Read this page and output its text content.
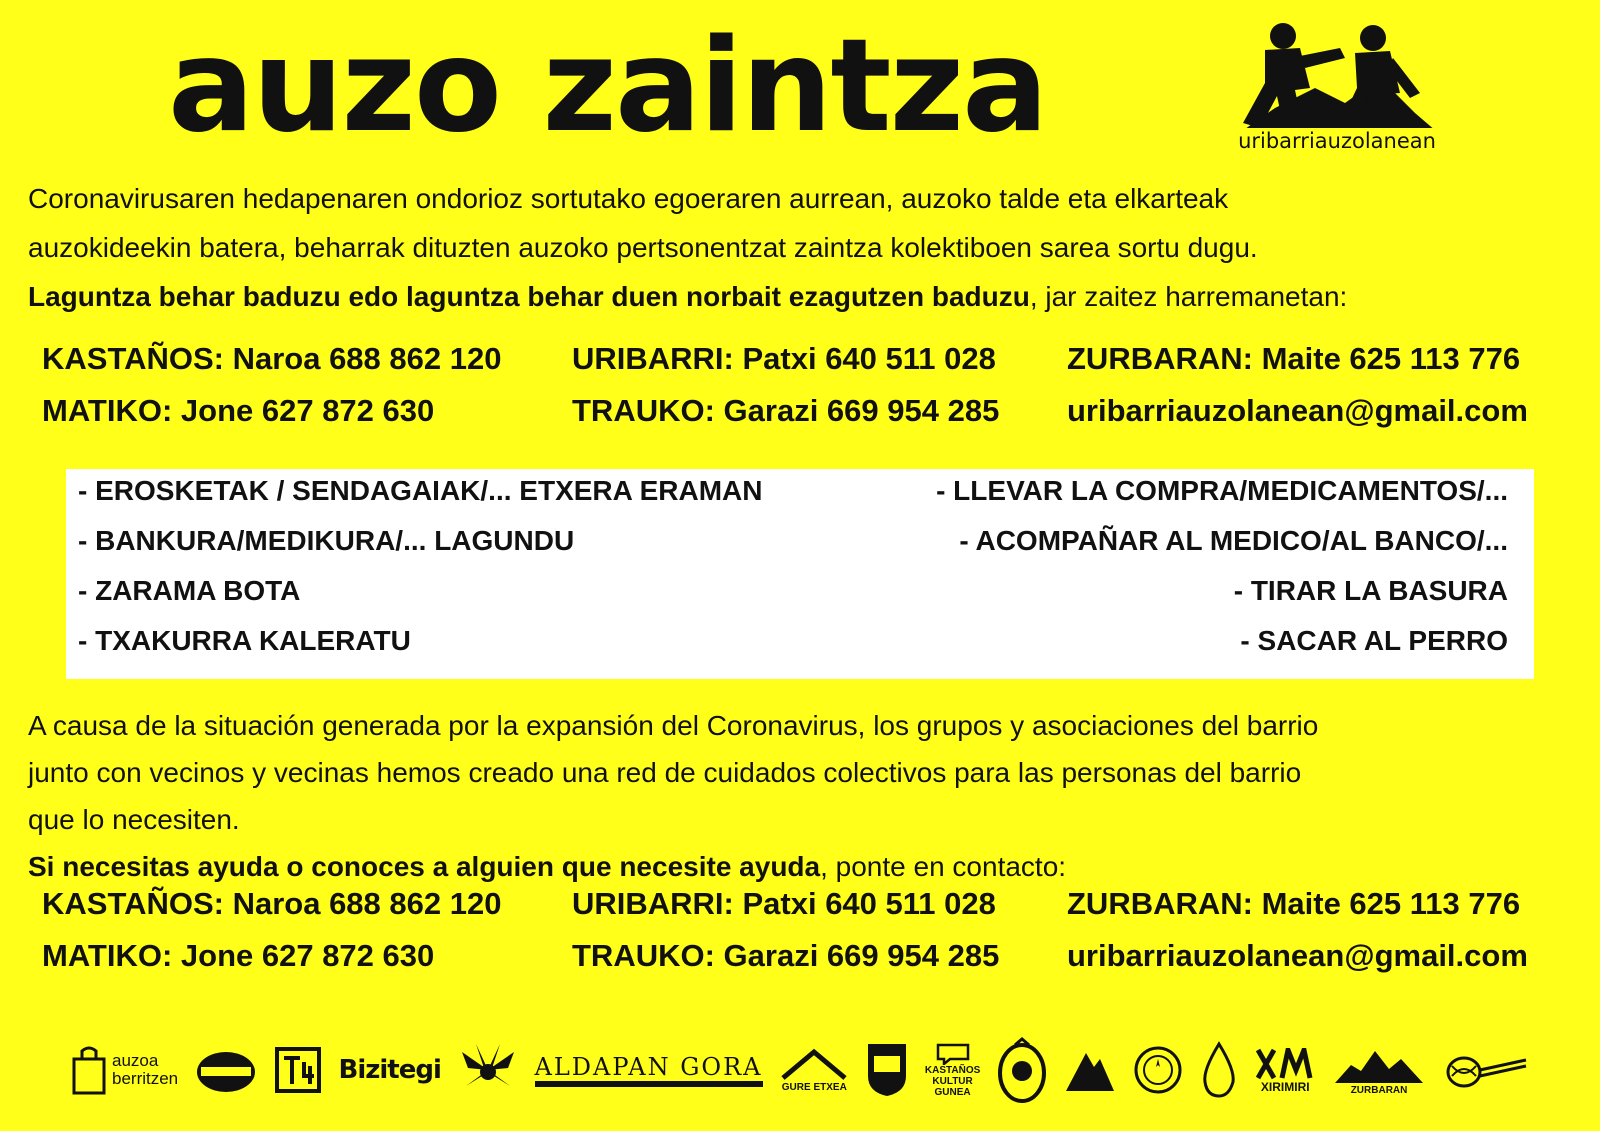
auzo zaintza	uribarriauzolanean
Coronavirusaren hedapenaren ondorioz sortutako egoeraren aurrean, auzoko talde eta elkarteak
auzokideekin batera, beharrak dituzten auzoko pertsonentzat zaintza kolektiboen sarea sortu dugu.
Laguntza behar baduzu edo laguntza behar duen norbait ezagutzen baduzu, jar zaitez harremanetan:
KASTAÑOS: Naroa 688 862 120 URIBARRI: Patxi 640 511 028 ZURBARAN: Maite 625 113 776
MATIKO: Jone 627 872 630	TRAUKO: Garazi 669 954 285 uribarriauzolanean@gmail.com
- EROSKETAK / SENDAGAIAK/... ETXERA ERAMAN	- LLEVAR LA COMPRA/MEDICAMENTOS/...
- BANKURA/MEDIKURA/... LAGUNDU	- ACOMPAÑAR AL MEDICO/AL BANCO/...
- ZARAMA BOTA	- TIRAR LA BASURA
- TXAKURRA KALERATU	- SACAR AL PERRO
A causa de la situación generada por la expansión del Coronavirus, los grupos y asociaciones del barrio
junto con vecinos y vecinas hemos creado una red de cuidados colectivos para las personas del barrio
que lo necesiten.
Si necesitas ayuda o conoces a alguien que necesite ayuda, ponte en contacto:
KASTAÑOS: Naroa 688 862 120 URIBARRI: Patxi 640 511 028 ZURBARAN: Maite 625 113 776
MATIKO: Jone 627 872 630	TRAUKO: Garazi 669 954 285 uribarriauzolanean@gmail.com
auzoa
berritzen	Bizitegi	ALDAPAN GORA
GURE ETXEA
KASTAÑOS
KULTUR
GUNEA	XIRIMIRI	ZURBARAN
